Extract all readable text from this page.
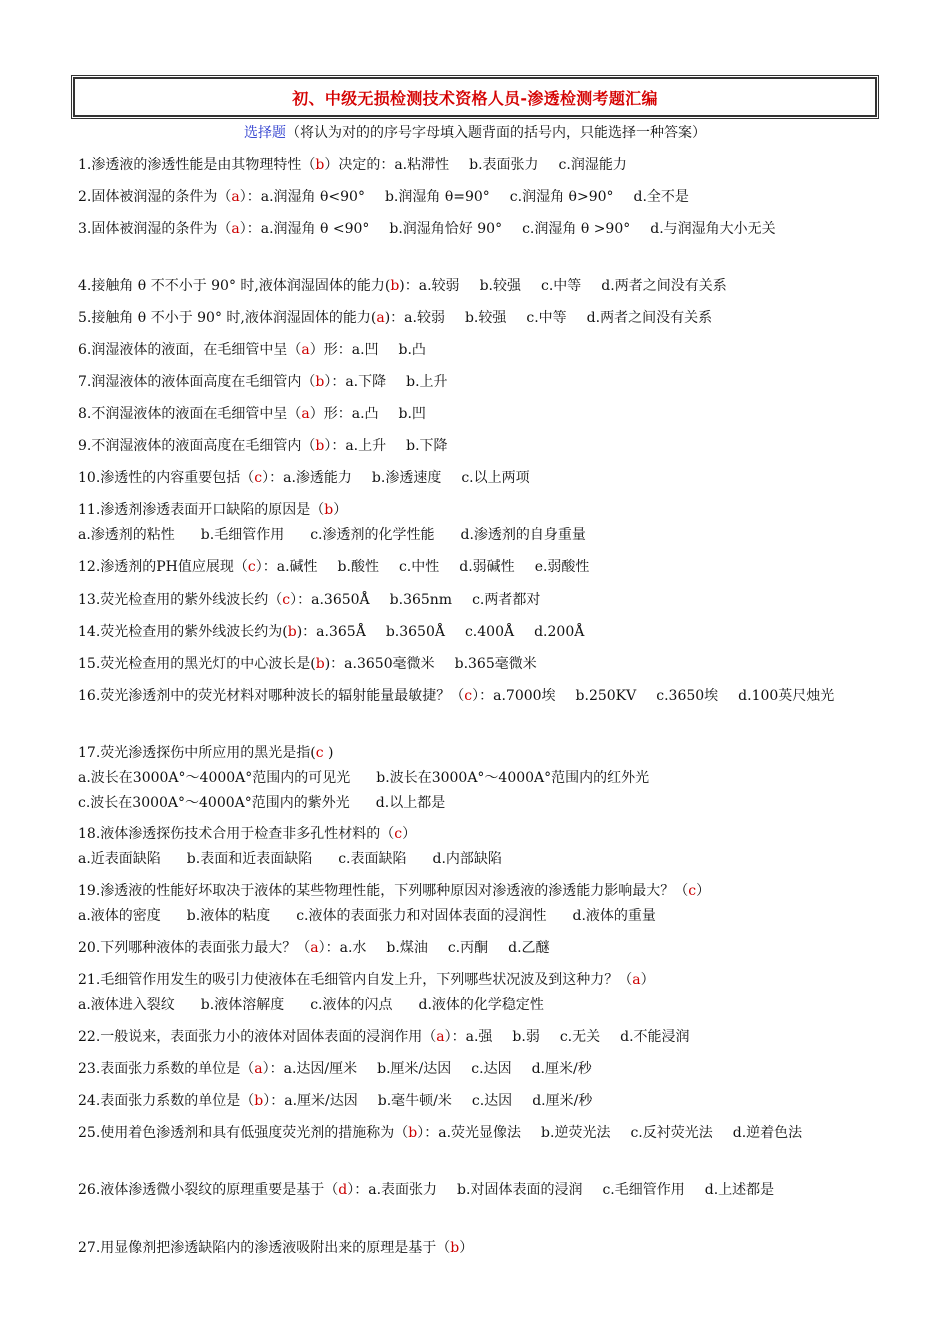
初、中级无损检测技术资格人员-渗透检测考题汇编
选择题（将认为对的的序号字母填入题背面的括号内，只能选择一种答案）
1.渗透液的渗透性能是由其物理特性（b）决定的：a.粘滞性 b.表面张力 c.润湿能力
2.固体被润湿的条件为（a）：a.润湿角 θ<90° b.润湿角 θ=90° c.润湿角 θ>90° d.全不是
3.固体被润湿的条件为（a）：a.润湿角 θ <90° b.润湿角恰好 90° c.润湿角 θ >90° d.与润湿角大小无关
4.接触角 θ 不不小于 90° 时,液体润湿固体的能力(b)：a.较弱 b.较强 c.中等 d.两者之间没有关系
5.接触角 θ 不小于 90° 时,液体润湿固体的能力(a)：a.较弱 b.较强 c.中等 d.两者之间没有关系
6.润湿液体的液面，在毛细管中呈（a）形：a.凹 b.凸
7.润湿液体的液体面高度在毛细管内（b）：a.下降 b.上升
8.不润湿液体的液面在毛细管中呈（a）形：a.凸 b.凹
9.不润湿液体的液面高度在毛细管内（b）：a.上升 b.下降
10.渗透性的内容重要包括（c）：a.渗透能力 b.渗透速度 c.以上两项
11.渗透剂渗透表面开口缺陷的原因是（b）
a.渗透剂的粘性 b.毛细管作用 c.渗透剂的化学性能 d.渗透剂的自身重量
12.渗透剂的PH值应展现（c）：a.碱性 b.酸性 c.中性 d.弱碱性 e.弱酸性
13.荧光检查用的紫外线波长约（c）：a.3650Å b.365nm c.两者都对
14.荧光检查用的紫外线波长约为(b)：a.365Å b.3650Å c.400Å d.200Å
15.荧光检查用的黑光灯的中心波长是(b)：a.3650毫微米 b.365毫微米
16.荧光渗透剂中的荧光材料对哪种波长的辐射能量最敏捷？（c）：a.7000埃 b.250KV c.3650埃 d.100英尺烛光
17.荧光渗透探伤中所应用的黑光是指(c )
a.波长在3000A°～4000A°范围内的可见光 b.波长在3000A°～4000A°范围内的红外光
c.波长在3000A°～4000A°范围内的紫外光 d.以上都是
18.液体渗透探伤技术合用于检查非多孔性材料的（c）
a.近表面缺陷 b.表面和近表面缺陷 c.表面缺陷 d.内部缺陷
19.渗透液的性能好坏取决于液体的某些物理性能，下列哪种原因对渗透液的渗透能力影响最大？（c）
a.液体的密度 b.液体的粘度 c.液体的表面张力和对固体表面的浸润性 d.液体的重量
20.下列哪种液体的表面张力最大？（a）：a.水 b.煤油 c.丙酮 d.乙醚
21.毛细管作用发生的吸引力使液体在毛细管内自发上升，下列哪些状况波及到这种力？（a）
a.液体进入裂纹 b.液体溶解度 c.液体的闪点 d.液体的化学稳定性
22.一般说来，表面张力小的液体对固体表面的浸润作用（a）：a.强 b.弱 c.无关 d.不能浸润
23.表面张力系数的单位是（a）：a.达因/厘米 b.厘米/达因 c.达因 d.厘米/秒
24.表面张力系数的单位是（b）：a.厘米/达因 b.毫牛顿/米 c.达因 d.厘米/秒
25.使用着色渗透剂和具有低强度荧光剂的措施称为（b）：a.荧光显像法 b.逆荧光法 c.反衬荧光法 d.逆着色法
26.液体渗透微小裂纹的原理重要是基于（d）：a.表面张力 b.对固体表面的浸润 c.毛细管作用 d.上述都是
27.用显像剂把渗透缺陷内的渗透液吸附出来的原理是基于（b）
